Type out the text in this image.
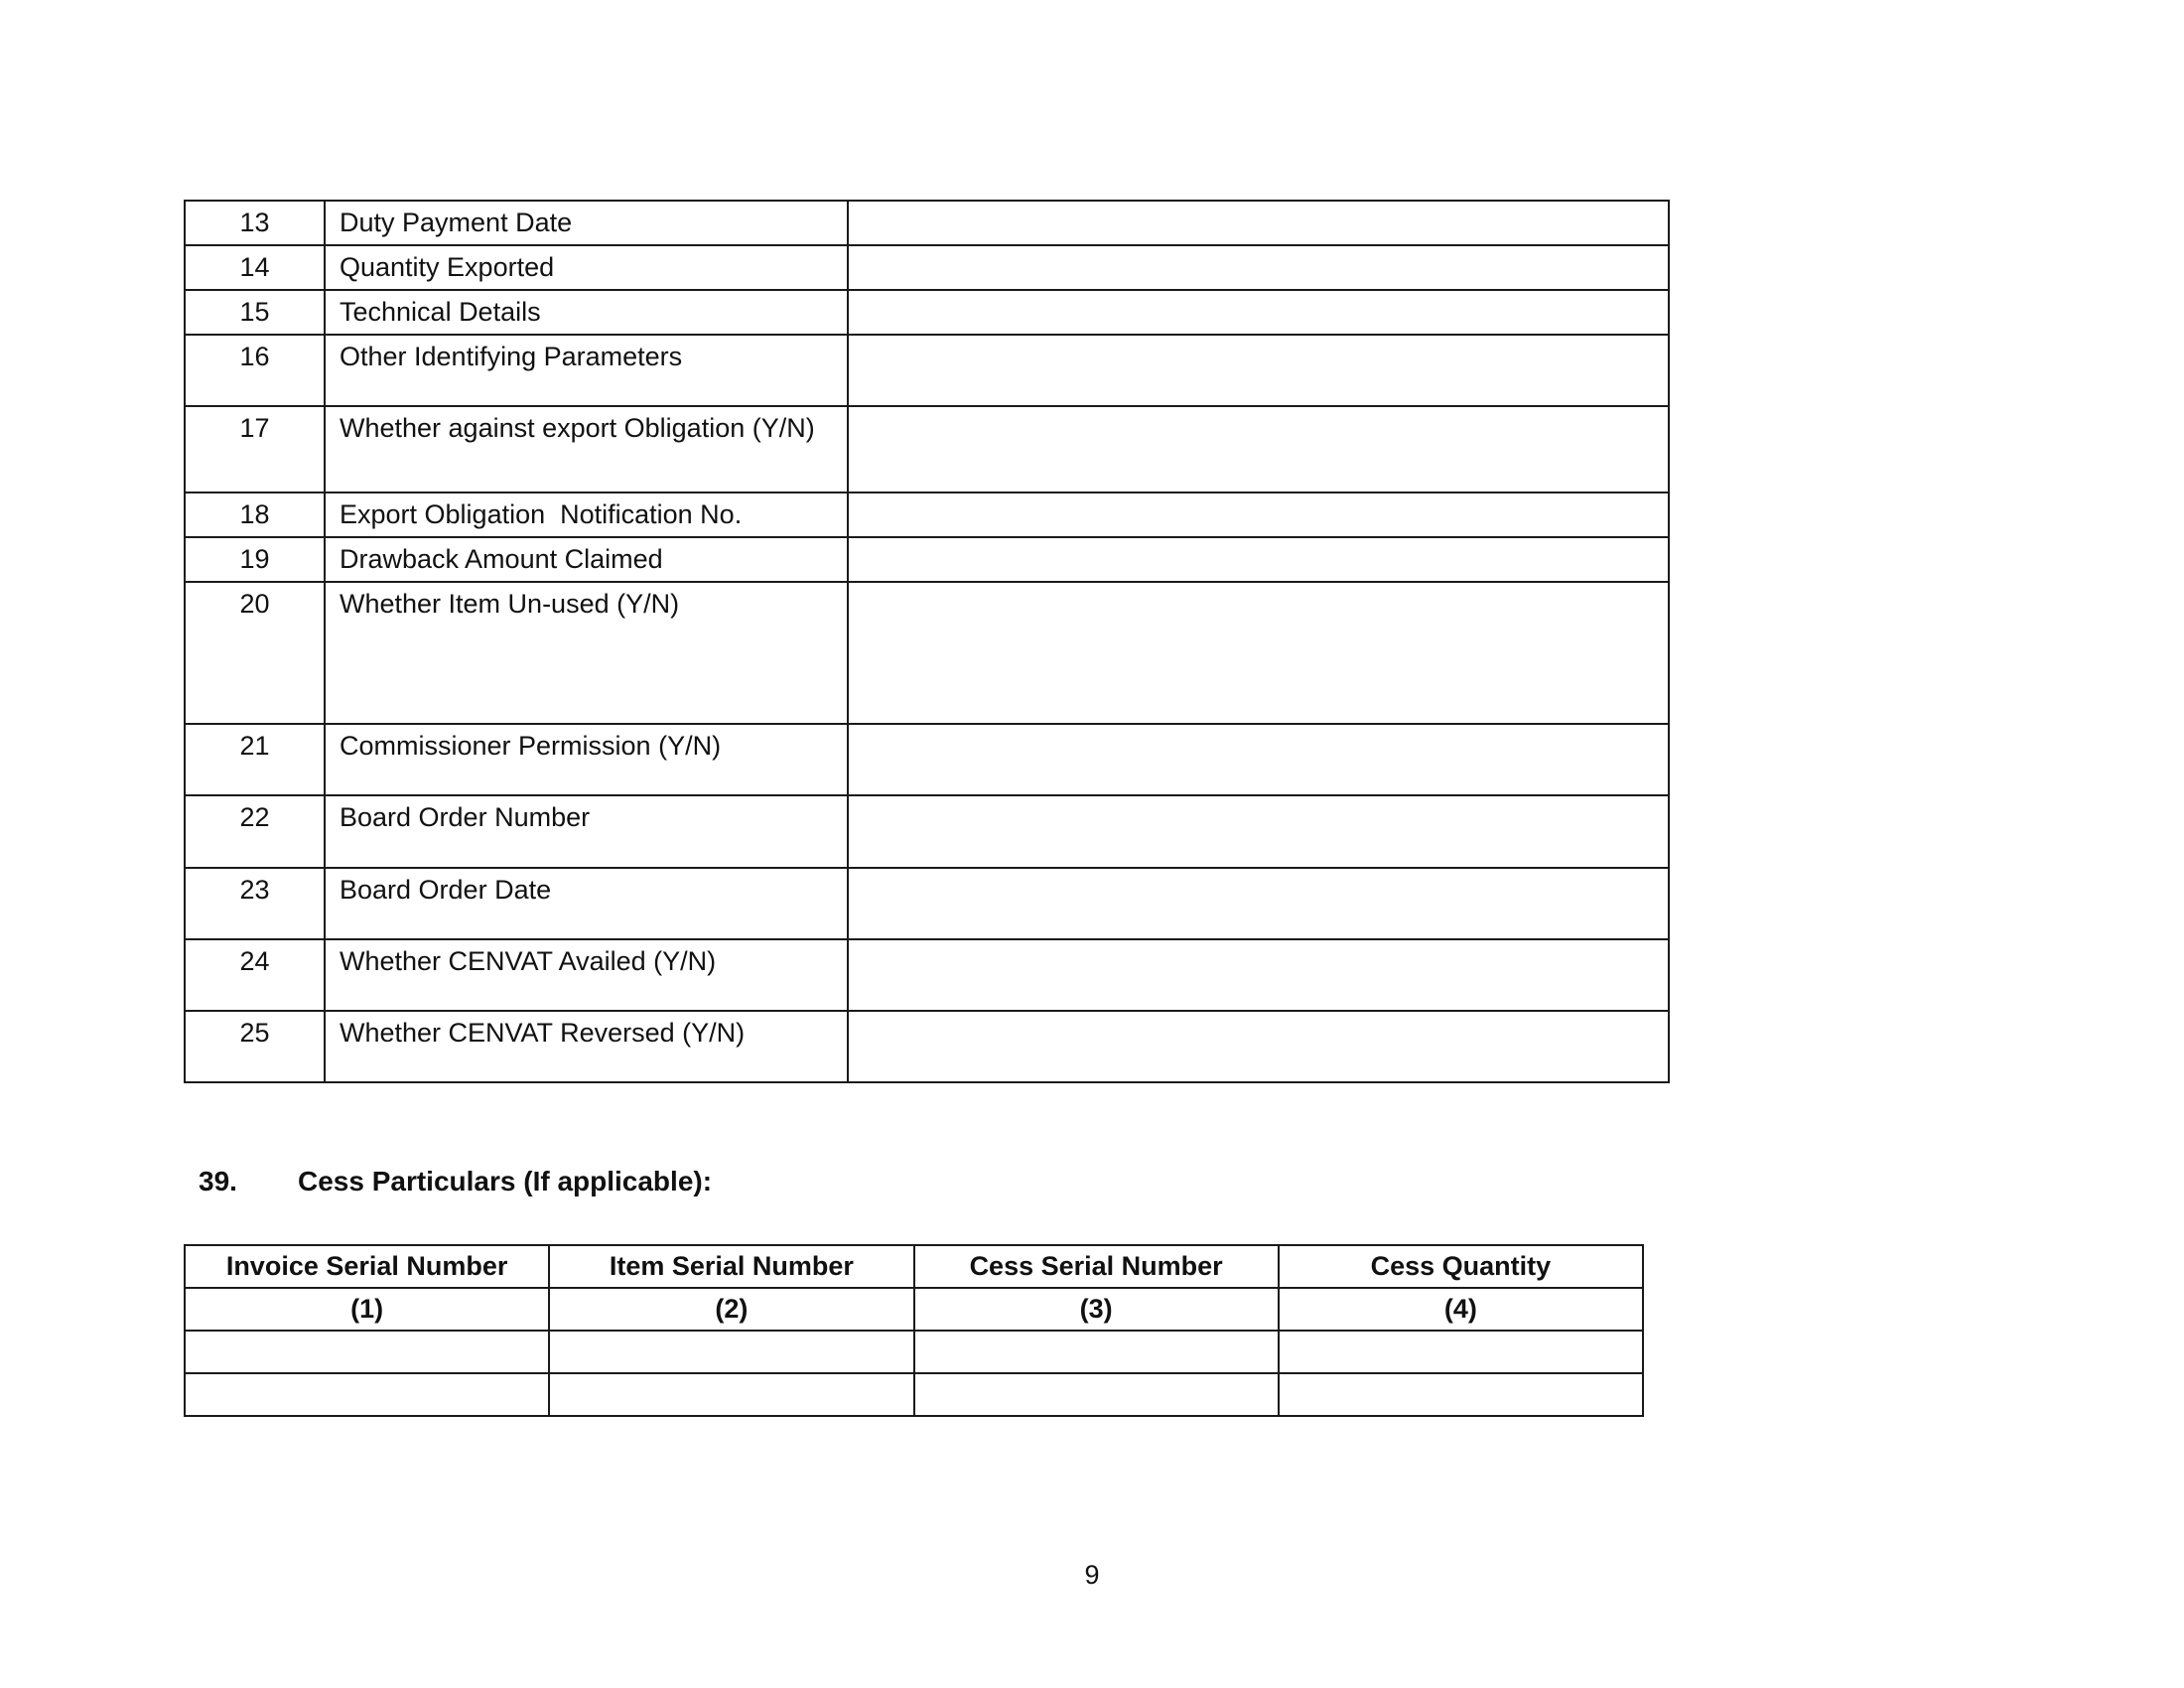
13	Duty Payment Date	
14	Quantity Exported	
15	Technical Details	
16	Other Identifying Parameters	
17	Whether against export Obligation (Y/N)	
18	Export Obligation  Notification No.	
19	Drawback Amount Claimed	
20	Whether Item Un-used (Y/N)	
21	Commissioner Permission (Y/N)	
22	Board Order Number	
23	Board Order Date	
24	Whether CENVAT Availed (Y/N)	
25	Whether CENVAT Reversed (Y/N)	
39. Cess Particulars (If applicable):
Invoice Serial Number	Item Serial Number	Cess Serial Number	Cess Quantity
(1)	(2)	(3)	(4)

9
